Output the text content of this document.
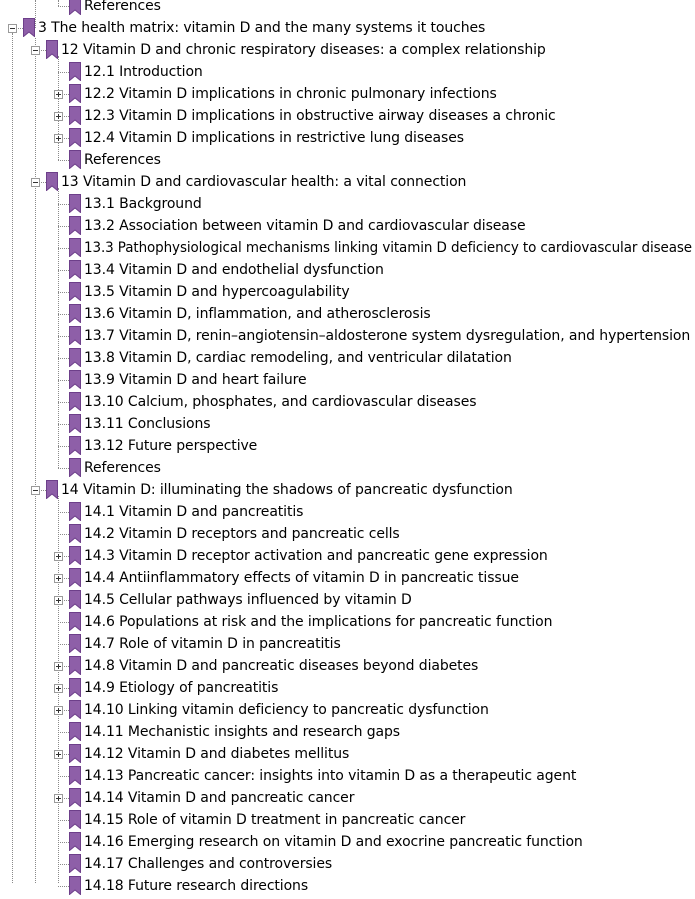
References
3 The health matrix: vitamin D and the many systems it touches
12 Vitamin D and chronic respiratory diseases: a complex relationship
12.1 Introduction
12.2 Vitamin D implications in chronic pulmonary infections
12.3 Vitamin D implications in obstructive airway diseases a chronic
12.4 Vitamin D implications in restrictive lung diseases
References
13 Vitamin D and cardiovascular health: a vital connection
13.1 Background
13.2 Association between vitamin D and cardiovascular disease
13.3 Pathophysiological mechanisms linking vitamin D deficiency to cardiovascular disease
13.4 Vitamin D and endothelial dysfunction
13.5 Vitamin D and hypercoagulability
13.6 Vitamin D, inflammation, and atherosclerosis
13.7 Vitamin D, renin–angiotensin–aldosterone system dysregulation, and hypertension
13.8 Vitamin D, cardiac remodeling, and ventricular dilatation
13.9 Vitamin D and heart failure
13.10 Calcium, phosphates, and cardiovascular diseases
13.11 Conclusions
13.12 Future perspective
References
14 Vitamin D: illuminating the shadows of pancreatic dysfunction
14.1 Vitamin D and pancreatitis
14.2 Vitamin D receptors and pancreatic cells
14.3 Vitamin D receptor activation and pancreatic gene expression
14.4 Antiinflammatory effects of vitamin D in pancreatic tissue
14.5 Cellular pathways influenced by vitamin D
14.6 Populations at risk and the implications for pancreatic function
14.7 Role of vitamin D in pancreatitis
14.8 Vitamin D and pancreatic diseases beyond diabetes
14.9 Etiology of pancreatitis
14.10 Linking vitamin deficiency to pancreatic dysfunction
14.11 Mechanistic insights and research gaps
14.12 Vitamin D and diabetes mellitus
14.13 Pancreatic cancer: insights into vitamin D as a therapeutic agent
14.14 Vitamin D and pancreatic cancer
14.15 Role of vitamin D treatment in pancreatic cancer
14.16 Emerging research on vitamin D and exocrine pancreatic function
14.17 Challenges and controversies
14.18 Future research directions
